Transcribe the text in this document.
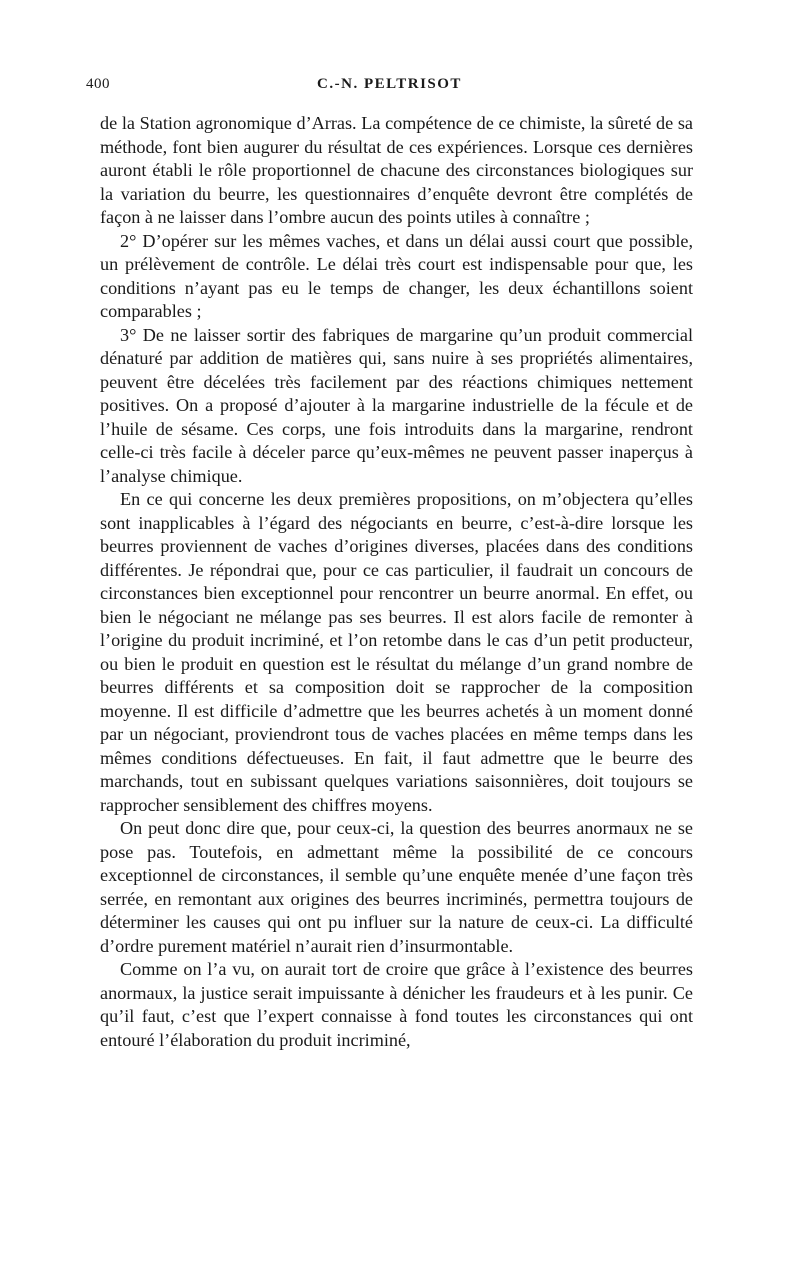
400	C.-N. PELTRISOT

de la Station agronomique d’Arras. La compétence de ce chimiste, la sûreté de sa méthode, font bien augurer du résultat de ces expériences. Lorsque ces dernières auront établi le rôle proportionnel de chacune des circonstances biologiques sur la variation du beurre, les questionnaires d’enquête devront être complétés de façon à ne laisser dans l’ombre aucun des points utiles à connaître ;

2° D’opérer sur les mêmes vaches, et dans un délai aussi court que possible, un prélèvement de contrôle. Le délai très court est indispensable pour que, les conditions n’ayant pas eu le temps de changer, les deux échantillons soient comparables ;

3° De ne laisser sortir des fabriques de margarine qu’un produit commercial dénaturé par addition de matières qui, sans nuire à ses propriétés alimentaires, peuvent être décelées très facilement par des réactions chimiques nettement positives. On a proposé d’ajouter à la margarine industrielle de la fécule et de l’huile de sésame. Ces corps, une fois introduits dans la margarine, rendront celle-ci très facile à déceler parce qu’eux-mêmes ne peuvent passer inaperçus à l’analyse chimique.

En ce qui concerne les deux premières propositions, on m’objectera qu’elles sont inapplicables à l’égard des négociants en beurre, c’est-à-dire lorsque les beurres proviennent de vaches d’origines diverses, placées dans des conditions différentes. Je répondrai que, pour ce cas particulier, il faudrait un concours de circonstances bien exceptionnel pour rencontrer un beurre anormal. En effet, ou bien le négociant ne mélange pas ses beurres. Il est alors facile de remonter à l’origine du produit incriminé, et l’on retombe dans le cas d’un petit producteur, ou bien le produit en question est le résultat du mélange d’un grand nombre de beurres différents et sa composition doit se rapprocher de la composition moyenne. Il est difficile d’admettre que les beurres achetés à un moment donné par un négociant, proviendront tous de vaches placées en même temps dans les mêmes conditions défectueuses. En fait, il faut admettre que le beurre des marchands, tout en subissant quelques variations saisonnières, doit toujours se rapprocher sensiblement des chiffres moyens.

On peut donc dire que, pour ceux-ci, la question des beurres anormaux ne se pose pas. Toutefois, en admettant même la possibilité de ce concours exceptionnel de circonstances, il semble qu’une enquête menée d’une façon très serrée, en remontant aux origines des beurres incriminés, permettra toujours de déterminer les causes qui ont pu influer sur la nature de ceux-ci. La difficulté d’ordre purement matériel n’aurait rien d’insurmontable.

Comme on l’a vu, on aurait tort de croire que grâce à l’existence des beurres anormaux, la justice serait impuissante à dénicher les fraudeurs et à les punir. Ce qu’il faut, c’est que l’expert connaisse à fond toutes les circonstances qui ont entouré l’élaboration du produit incriminé,
